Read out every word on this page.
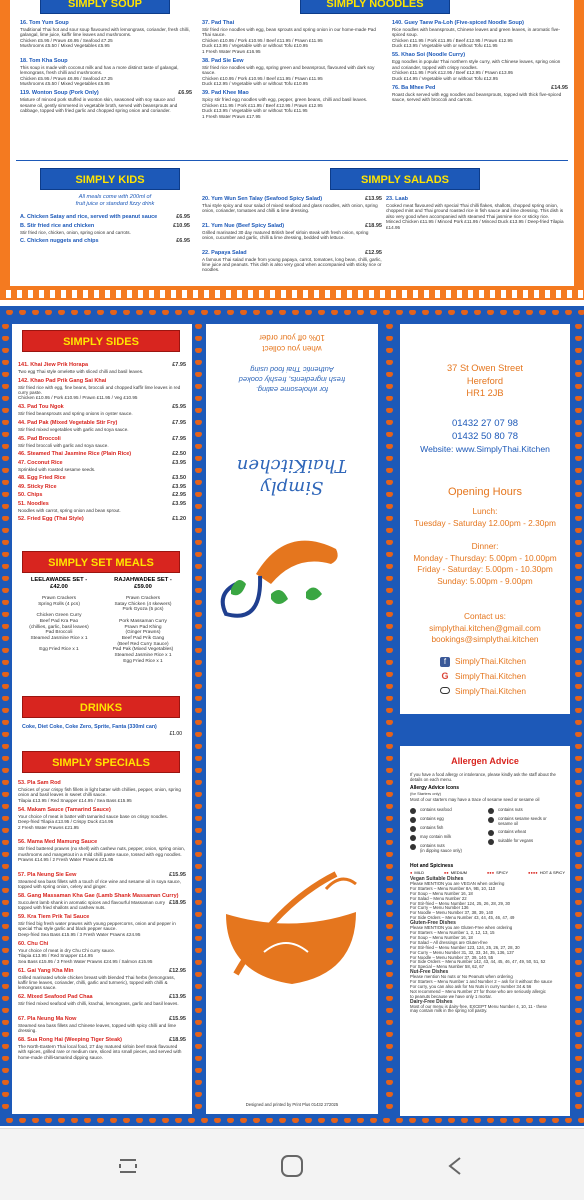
SIMPLY SOUP
16. Tom Yum Soup
Traditional Thai hot and sour soup flavoured with lemongrass, coriander, fresh chilli, galangal, lime juice, kaffir lime leaves and mushrooms.
Chicken £5.95 / Prawn £6.95 / Seafood £7.25
Mushrooms £5.50 / Mixed Vegetables £5.95
18. Tom Kha Soup
This soup is made with coconut milk and has a more distinct taste of galangal, lemongrass, fresh chilli and mushrooms.
Chicken £5.95 / Prawn £6.95 / Seafood £7.25
Mushrooms £5.50 / Mixed Vegetables £5.95
119. Wonton Soup (Pork Only)	£6.95
Mixture of minced pork stuffed in wonton skin, seasoned with soy sauce and sesame oil, gently simmered in vegetable broth, served with beansprouts and cabbage, topped with fried garlic and chopped spring onion and coriander.
SIMPLY NOODLES
37. Pad Thai
Stir fried rice noodles with egg, bean sprouts and spring onion in our home-made Pad Thai sauce.
Chicken £10.95 / Pork £10.95 / Beef £11.95 / Prawn £11.95
Duck £13.95 / Vegetable with or without Tofu £10.95
1 Fresh Water Prawn £16.95
38. Pad Sie Eew
Stir fried rice noodles with egg, spring green and beansprout, flavoured with dark soy sauce.
Chicken £10.95 / Pork £10.95 / Beef £11.95 / Prawn £11.95
Duck £12.95 / Vegetable with or without Tofu £10.95
39. Pad Khee Mao
Spicy stir fried egg noodles with egg, pepper, green beans, chilli and basil leaves.
Chicken £11.95 / Pork £11.95 / Beef £12.95 / Prawn £12.95
Duck £13.95 / Vegetable with or without Tofu £11.95
1 Fresh Water Prawn £17.95
140. Guey Taew Pa-Loh (Five-spiced Noodle Soup)
Rice noodles with beansprouts, Chinese leaves and green leaves, in aromatic five-spiced soup.
Chicken £11.95 / Pork £11.95 / Beef £12.95 / Prawn £12.95
Duck £13.95 / Vegetable with or without Tofu £11.95
55. Khao Soi (Noodle Curry)
Egg noodles in popular Thai northern style curry, with Chinese leaves, spring onion and coriander, topped with crispy noodles.
Chicken £11.95 / Pork £12.95 / Beef £12.95 / Prawn £13.95
Duck £14.95 / Vegetable with or without Tofu £12.95
76. Ba Mhee Ped	£14.95
Roast duck served with egg noodles and beansprouts, topped with thick five-spiced sauce, served with broccoli and carrots.
SIMPLY KIDS
All meals come with 200ml of
fruit juice or standard fizzy drink
A. Chicken Satay and rice, served with peanut sauce	£6.95
B. Stir fried rice and chicken	£10.95
Stir fried rice, chicken, onion, spring onion and carrots.
C. Chicken nuggets and chips	£6.95
SIMPLY SALADS
20. Yum Wun Sen Talay (Seafood Spicy Salad)	£13.95
Thai style spicy and sour salad of mixed seafood and glass noodles, with onion, spring onion, coriander, tomatoes and chilli & lime dressing.
21. Yum Nue (Beef Spicy Salad)	£18.95
Grilled marinated 30 day matured British beef sirloin steak with fresh onion, spring onion, cucumber and garlic, chilli & lime dressing, bedded with lettuce.
22. Papaya Salad	£12.95
A famous Thai salad made from young papaya, carrot, tomatoes, long bean, chilli, garlic, lime juice and peanuts. This dish is also very good when accompanied with sticky rice or noodles.
23. Laab
Cooked meat flavoured with special Thai chilli flakes, shallots, chopped spring onion, chopped mint and Thai ground roasted rice in fish sauce and lime dressing. This dish is also very good when accompanied with steamed Thai jasmine rice or sticky rice.
Minced Chicken £11.95 / Minced Pork £11.95 / Minced Duck £13.95 / Deep-fried Tilapia £14.95
SIMPLY SIDES
141. Khai Jiew Prik Horapa	£7.95
Two egg Thai style omelette with sliced chilli and basil leaves.
142. Khao Pad Prik Gang Sai Khai
Stir fried rice with egg, fine beans, broccoli and chopped kaffir lime leaves in red curry paste.
Chicken £10.95 / Pork £10.95 / Prawn £11.95 / Veg £10.95
43. Pad Tou Ngok	£5.95
Stir fried beansprouts and spring onions in oyster sauce.
44. Pad Pak (Mixed Vegetable Stir Fry)	£7.95
Stir fried mixed vegetables with garlic and soya sauce.
45. Pad Broccoli	£7.95
Stir fried broccoli with garlic and soya sauce.
46. Steamed Thai Jasmine Rice (Plain Rice)	£2.50
47. Coconut Rice	£3.95
Sprinkled with roasted sesame seeds.
48. Egg Fried Rice	£3.50
49. Sticky Rice	£3.95
50. Chips	£2.95
51. Noodles	£3.95
Noodles with carrot, spring onion and bean sprout.
52. Fried Egg (Thai Style)	£1.20
SIMPLY SET MEALS
LEELAWADEE SET -
£42.00
RAJAHWADEE SET -
£59.00
Prawn Crackers
Spring Rolls (4 pcs)

Chicken Green Curry
Beef Pad Kra Pao
(chillies, garlic, basil leaves)
Pad Broccoli
Steamed Jasmine Rice x 1

Egg Fried Rice x 1
Prawn Crackers
Satay Chicken (4 skewers)
Pork Gyoza (5 pcs)

Pork Massaman Curry
Prawn Pad Khing
(Ginger Prawns)
Beef Pad Prik Gang
(Beef Red Curry Sauce)
Pad Pak (Mixed Vegetables)
Steamed Jasmine Rice x 1
Egg Fried Rice x 1
DRINKS
Coke, Diet Coke, Coke Zero, Sprite, Fanta (330ml can)
£1.00
SIMPLY SPECIALS
53. Pla Sam Rod
Choices of your crispy fish fillets in light batter with chillies, pepper, onion, spring onion and basil leaves in sweet chilli sauce.
Tilapia £13.95 / Red Snapper £14.95 / Sea Bass £15.95
54. Makam Sauce (Tamarind Sauce)
Your choice of meat in batter with tamarind sauce base on crispy noodles.
Deep-fried Tilapia £13.95 / Crispy Duck £14.95
2 Fresh Water Prawns £21.95
56. Mama Med Mamung Sauce
Stir fried battered prawns (no shell) with cashew nuts, pepper, onion, spring onion, mushrooms and mangetout in a mild chilli paste sauce, tossed with egg noodles.
Prawns £14.95 / 2 Fresh Water Prawns £21.95
57. Pla Neung Sie Eew	£15.95
Steamed sea bass fillets with a touch of rice wine and sesame oil in soya sauce, topped with spring onion, celery and ginger.
58. Gang Massaman Kha Gae (Lamb Shank Massaman Curry)
£18.95
Succulent lamb shank in aromatic spices and flavourful Massaman curry topped with fried shallots and cashew nuts.
59. Kra Tiem Prik Tai Sauce
Stir fried big fresh water prawns with young peppercorns, onion and pepper in special Thai style garlic and black pepper sauce.
Deep-fried Sea Bass £15.95 / 3 Fresh Water Prawns £24.95
60. Chu Chi
Your choice of meat in dry Chu Chi curry sauce.
Tilapia £13.95 / Red Snapper £14.95
Sea Bass £15.95 / 3 Fresh Water Prawns £24.95 / Salmon £15.95
61. Gai Yang Kha Min	£12.95
Grilled marinated whole chicken breast with blended Thai herbs (lemongrass, kaffir lime leaves, coriander, chilli, garlic and turmeric), topped with chilli & lemongrass sauce.
62. Mixed Seafood Pad Chaa	£13.95
Stir fried mixed seafood with chilli, krachai, lemongrass, garlic and basil leaves.
67. Pla Neung Ma Now	£15.95
Steamed sea bass fillets and Chinese leaves, topped with spicy chilli and lime dressing.
68. Sua Rong Hai (Weeping Tiger Steak)	£18.95
The North-Eastern Thai local food, 27 day matured sirloin beef steak flavoured with spices, grilled rare or medium rare, sliced into small pieces, and served with home-made chilli-tamarind dipping sauce.
when you collect
10% off your order
for wholesome eating.
fresh ingredients, freshly cooked
Authentic Thai food using
Simply ThaiKitchen
Designed and printed by Print Plus 01432 272025
37 St Owen Street
Hereford
HR1 2JB
01432 27 07 98
01432 50 80 78
Website: www.SimplyThai.Kitchen
Opening Hours
Lunch:
Tuesday - Saturday 12.00pm - 2.30pm
Dinner:
Monday - Thursday: 5.00pm - 10.00pm
Friday - Saturday: 5.00pm - 10.30pm
Sunday: 5.00pm - 9.00pm
Contact us:
simplythai.kitchen@gmail.com
bookings@simplythai.kitchen
f SimplyThai.Kitchen
G SimplyThai.Kitchen
SimplyThai.Kitchen
Allergen Advice
If you have a food allergy or intolerance, please kindly ask the staff about the details on each menu.
Allergy Advice Icons
(for Starters only)
Most of our starters may have a trace of sesame seed or sesame oil
contains seafood
contains egg
contains fish
may contain milk
contains nuts
(in dipping sauce only)
contains nuts
contains sesame seeds or
sesame oil
contains wheat
suitable for vegans
Hot and Spiciness
● MILD	●● MEDIUM	●●● SPICY	●●●● HOT & SPICY
Vegan Suitable Dishes
Please MENTION you are VEGAN when ordering
For Starters – Menu Number 8A, 9B, 10, 110
For Soup – Menu Number 16, 18
For Salad – Menu Number 22
For Stir-fried – Menu Number 124, 25, 26, 28, 29, 30
For Curry – Menu Number 136
For Noodle – Menu Number 37, 38, 39, 140
For Side Orders – Menu Number 43, 44, 45, 46, 47, 49
Gluten-Free Dishes
Please MENTION you are Gluten-Free when ordering
For Starters – Menu Number 1, 2, 12, 13, 15
For Soup – Menu Number 16, 18
For Salad – All dressings are Gluten-free
For Stir-fried – Menu Number 123, 124, 25, 26, 27, 28, 30
For Curry – Menu Number 31, 32, 33, 34, 35, 136, 137
For Noodle – Menu Number 37, 39, 140, 55
For Side Orders – Menu Number 142, 43, 44, 45, 46, 47, 49, 50, 51, 52
For Special – Menu Number 58, 62, 67
Nut-Free Dishes
Please mention No nuts or No Peanuts when ordering
For Starters – Menu Number 1 and Number 2 – ask for it without the sauce
For curry, you can also ask for No Nuts in curry number 34 & 56
Not recommend – Menu Number 27 for those who are seriously allergic
to peanuts because we have only 1 mortar.
Dairy-Free Dishes
Most of our menu is dairy-free, EXCEPT Menu Number 4, 10, 11 - these
may contain milk in the spring roll pastry.
